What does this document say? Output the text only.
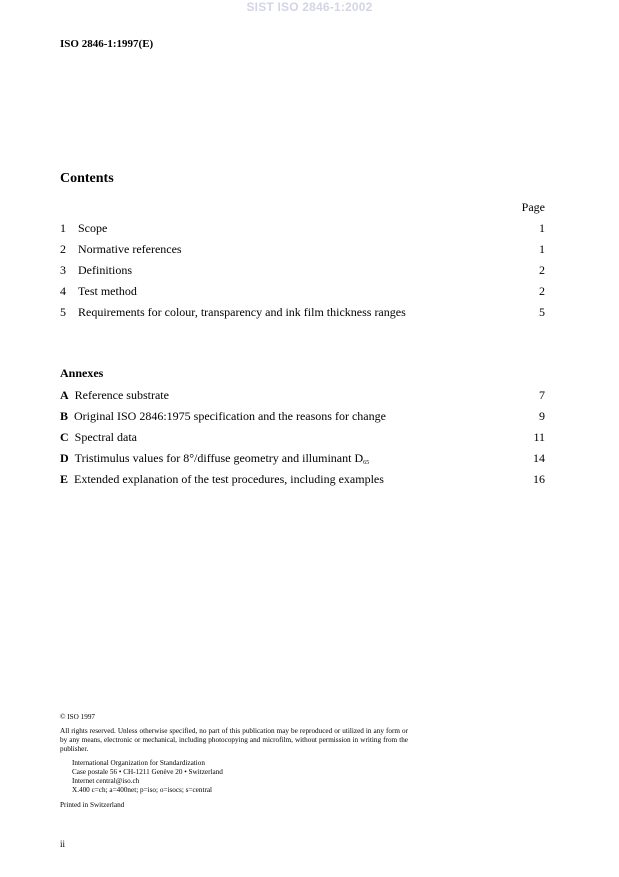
SIST ISO 2846-1:2002
ISO 2846-1:1997(E)
Contents
Page
1 Scope	1
2 Normative references	1
3 Definitions	2
4 Test method	2
5 Requirements for colour, transparency and ink film thickness ranges	5
Annexes
A Reference substrate	7
B Original ISO 2846:1975 specification and the reasons for change	9
C Spectral data	11
D Tristimulus values for 8°/diffuse geometry and illuminant $D_{65}$	14
E Extended explanation of the test procedures, including examples	16
© ISO 1997
All rights reserved. Unless otherwise specified, no part of this publication may be reproduced or utilized in any form or by any means, electronic or mechanical, including photocopying and microfilm, without permission in writing from the publisher.
International Organization for Standardization
Case postale 56 • CH-1211 Genève 20 • Switzerland
Internet central@iso.ch
X.400 c=ch; a=400net; p=iso; o=isocs; s=central
Printed in Switzerland
ii
